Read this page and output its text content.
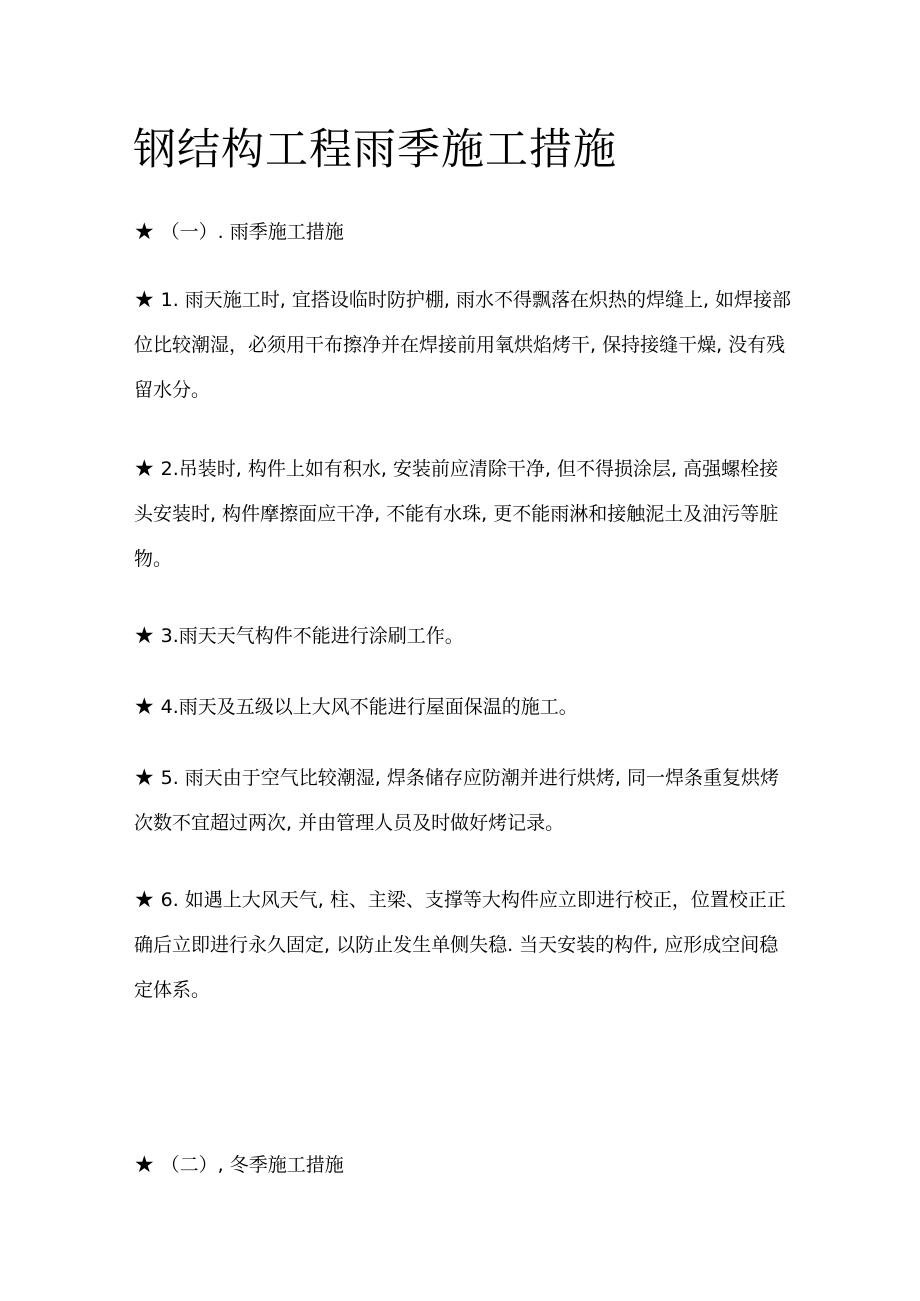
钢结构工程雨季施工措施

★ （一）. 雨季施工措施

★ 1. 雨天施工时, 宜搭设临时防护棚, 雨水不得飘落在炽热的焊缝上, 如焊接部位比较潮湿，必须用干布擦净并在焊接前用氧烘焰烤干, 保持接缝干燥, 没有残留水分。

★ 2.吊装时, 构件上如有积水, 安装前应清除干净, 但不得损涂层, 高强螺栓接头安装时, 构件摩擦面应干净, 不能有水珠, 更不能雨淋和接触泥土及油污等脏物。

★ 3.雨天天气构件不能进行涂刷工作。

★ 4.雨天及五级以上大风不能进行屋面保温的施工。

★ 5. 雨天由于空气比较潮湿, 焊条储存应防潮并进行烘烤, 同一焊条重复烘烤次数不宜超过两次, 并由管理人员及时做好烤记录。

★ 6. 如遇上大风天气, 柱、主梁、支撑等大构件应立即进行校正，位置校正正确后立即进行永久固定, 以防止发生单侧失稳. 当天安装的构件, 应形成空间稳定体系。

★ （二）, 冬季施工措施
